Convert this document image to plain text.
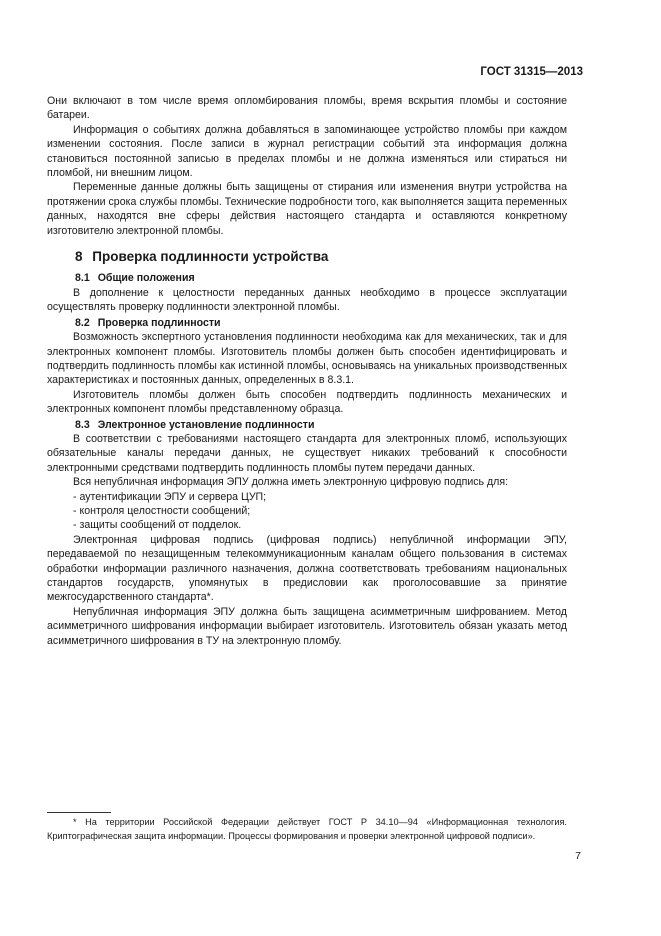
ГОСТ 31315—2013

Они включают в том числе время опломбирования пломбы, время вскрытия пломбы и состояние батареи.

Информация о событиях должна добавляться в запоминающее устройство пломбы при каждом изменении состояния. После записи в журнал регистрации событий эта информация должна становиться постоянной записью в пределах пломбы и не должна изменяться или стираться ни пломбой, ни внешним лицом.

Переменные данные должны быть защищены от стирания или изменения внутри устройства на протяжении срока службы пломбы. Технические подробности того, как выполняется защита переменных данных, находятся вне сферы действия настоящего стандарта и оставляются конкретному изготовителю электронной пломбы.

8 Проверка подлинности устройства

8.1 Общие положения

В дополнение к целостности переданных данных необходимо в процессе эксплуатации осуществлять проверку подлинности электронной пломбы.

8.2 Проверка подлинности

Возможность экспертного установления подлинности необходима как для механических, так и для электронных компонент пломбы. Изготовитель пломбы должен быть способен идентифицировать и подтвердить подлинность пломбы как истинной пломбы, основываясь на уникальных производственных характеристиках и постоянных данных, определенных в 8.3.1.

Изготовитель пломбы должен быть способен подтвердить подлинность механических и электронных компонент пломбы представленному образца.

8.3 Электронное установление подлинности

В соответствии с требованиями настоящего стандарта для электронных пломб, использующих обязательные каналы передачи данных, не существует никаких требований к способности электронными средствами подтвердить подлинность пломбы путем передачи данных.

Вся непубличная информация ЭПУ должна иметь электронную цифровую подпись для:

- аутентификации ЭПУ и сервера ЦУП;

- контроля целостности сообщений;

- защиты сообщений от подделок.

Электронная цифровая подпись (цифровая подпись) непубличной информации ЭПУ, передаваемой по незащищенным телекоммуникационным каналам общего пользования в системах обработки информации различного назначения, должна соответствовать требованиям национальных стандартов государств, упомянутых в предисловии как проголосовавшие за принятие межгосударственного стандарта*.

Непубличная информация ЭПУ должна быть защищена асимметричным шифрованием. Метод асимметричного шифрования информации выбирает изготовитель. Изготовитель обязан указать метод асимметричного шифрования в ТУ на электронную пломбу.

* На территории Российской Федерации действует ГОСТ Р 34.10—94 «Информационная технология. Криптографическая защита информации. Процессы формирования и проверки электронной цифровой подписи».
7
